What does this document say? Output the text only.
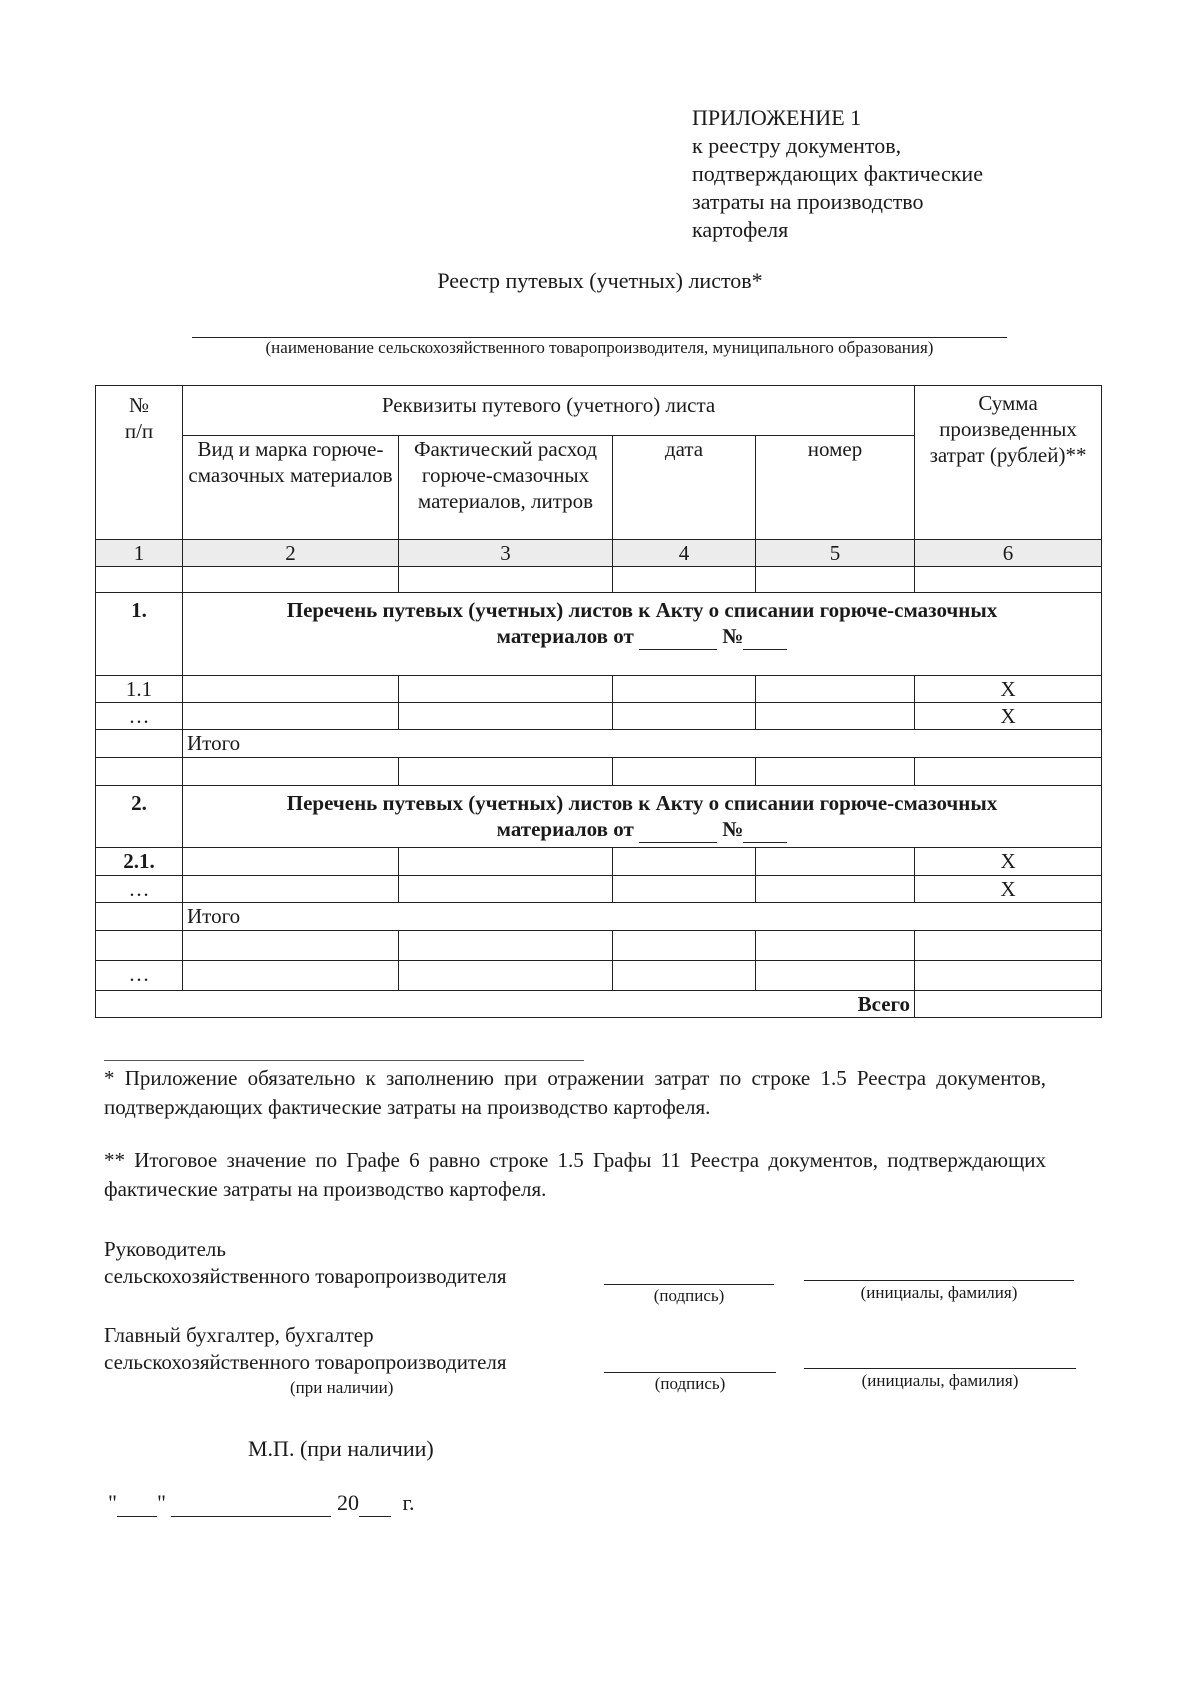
ПРИЛОЖЕНИЕ 1
к реестру документов,
подтверждающих фактические
затраты на производство
картофеля
Реестр путевых (учетных) листов*
(наименование сельскохозяйственного товаропроизводителя, муниципального образования)
№
п/п	Реквизиты путевого (учетного) листа				Сумма произведенных затрат (рублей)**
	Вид и марка горюче-смазочных материалов	Фактический расход горюче-смазочных материалов, литров	дата	номер	
1	2	3	4	5	6

1.	Перечень путевых (учетных) листов к Акту о списании горюче-смазочных
материалов от №				

1.1					Х
…					Х
	Итого				

2.	Перечень путевых (учетных) листов к Акту о списании горюче-смазочных
материалов от №				

2.1.					Х
…					Х
	Итого				

…					
Всего					
* Приложение обязательно к заполнению при отражении затрат по строке 1.5 Реестра документов, подтверждающих фактические затраты на производство картофеля.
** Итоговое значение по Графе 6 равно строке 1.5 Графы 11 Реестра документов, подтверждающих фактические затраты на производство картофеля.
Руководитель
сельскохозяйственного товаропроизводителя
(подпись)	(инициалы, фамилия)
Главный бухгалтер, бухгалтер
сельскохозяйственного товаропроизводителя
(при наличии)	(подпись)	(инициалы, фамилия)
М.П. (при наличии)
" "	20 г.
